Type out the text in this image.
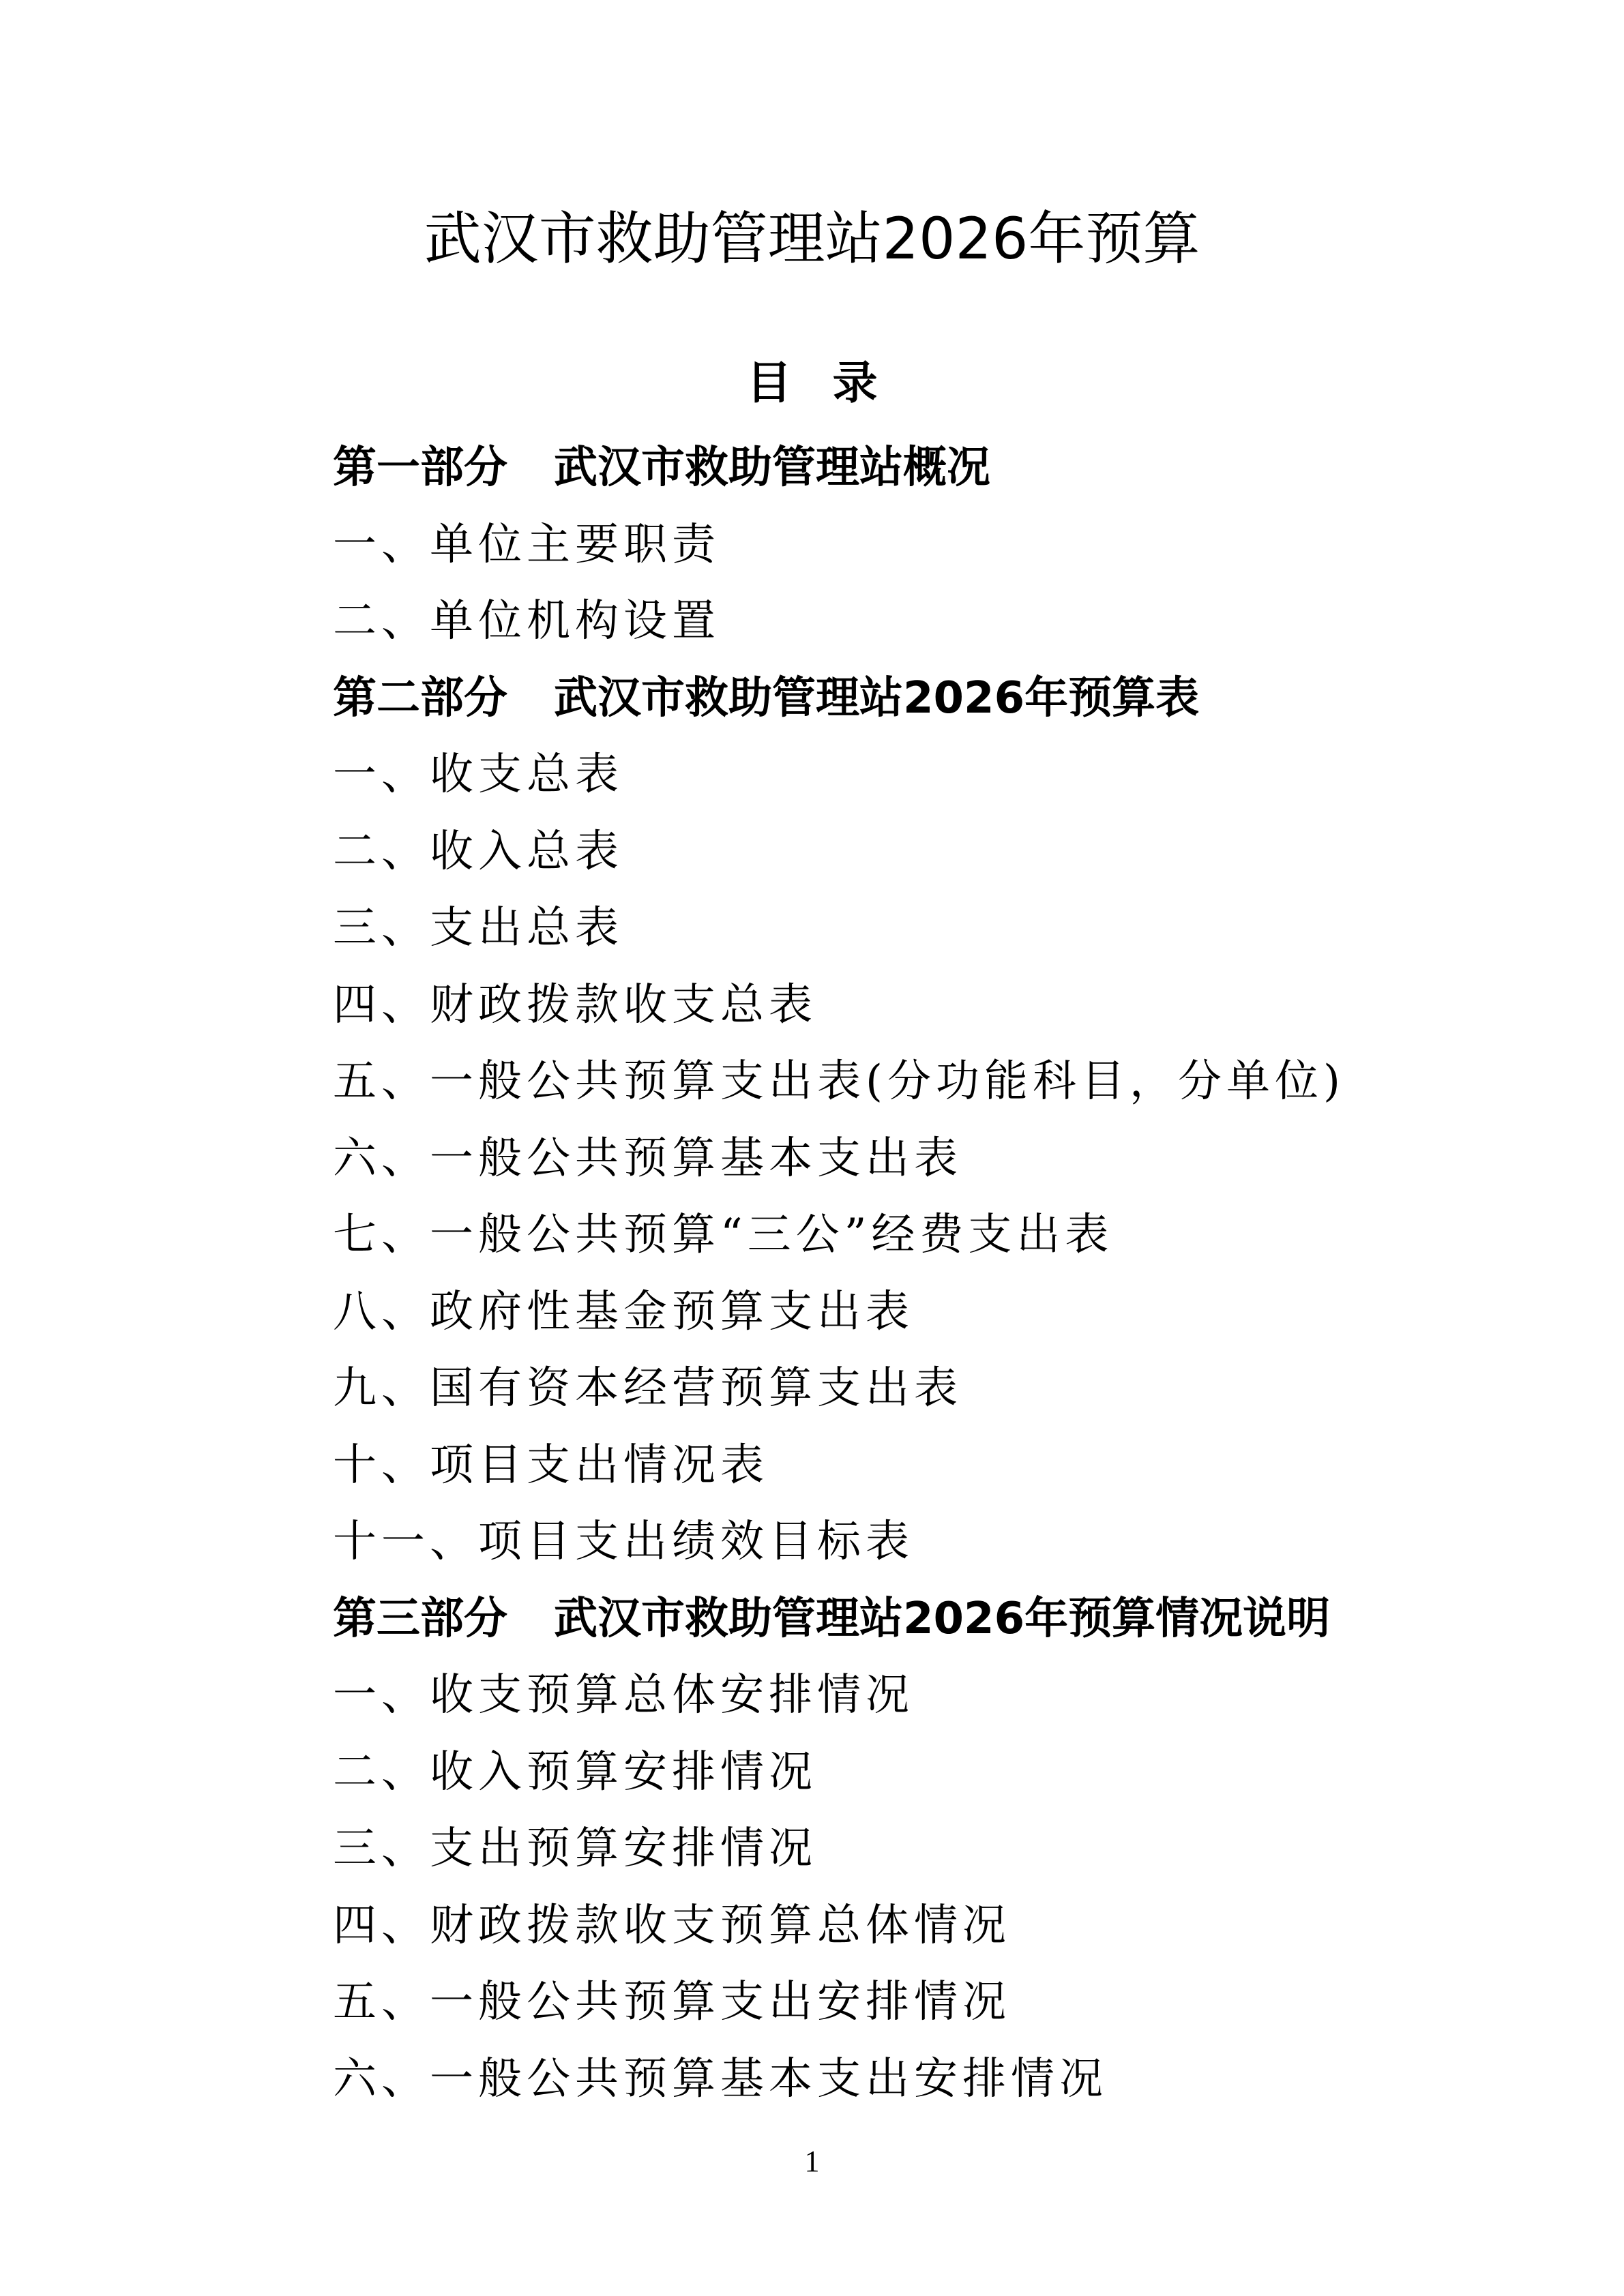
武汉市救助管理站2026年预算
目录
第一部分 武汉市救助管理站概况
一、单位主要职责
二、单位机构设置
第二部分 武汉市救助管理站2026年预算表
一、收支总表
二、收入总表
三、支出总表
四、财政拨款收支总表
五、一般公共预算支出表(分功能科目，分单位)
六、一般公共预算基本支出表
七、一般公共预算“三公”经费支出表
八、政府性基金预算支出表
九、国有资本经营预算支出表
十、项目支出情况表
十一、项目支出绩效目标表
第三部分 武汉市救助管理站2026年预算情况说明
一、收支预算总体安排情况
二、收入预算安排情况
三、支出预算安排情况
四、财政拨款收支预算总体情况
五、一般公共预算支出安排情况
六、一般公共预算基本支出安排情况
1
